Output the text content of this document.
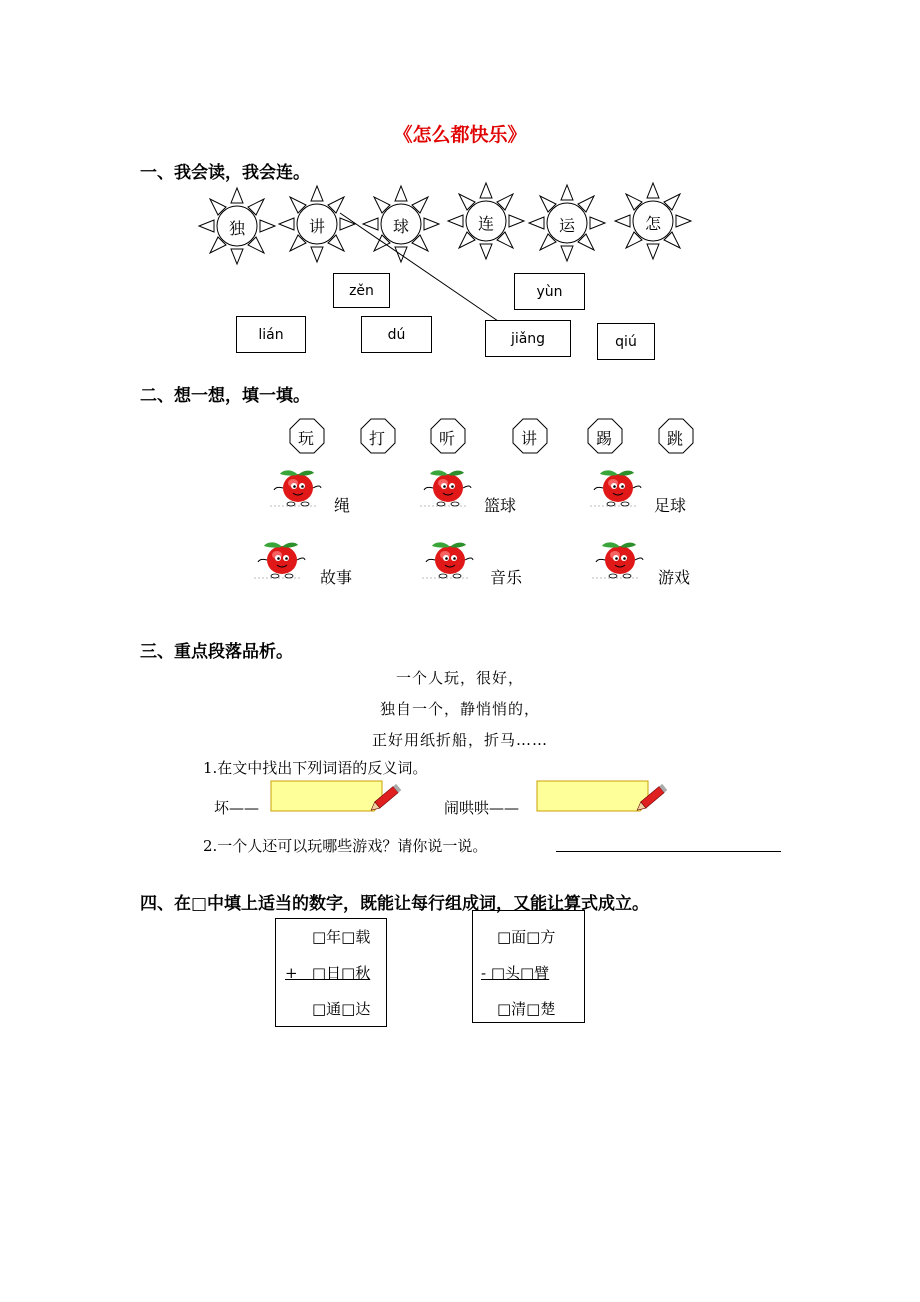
《怎么都快乐》
一、我会读，我会连。
独	讲	球	连	运	怎
zěn	yùn
lián	dú	jiǎng	qiú
二、想一想，填一填。
玩	打	听	讲	踢	跳
绳	篮球	足球
故事	音乐	游戏
三、重点段落品析。
一个人玩，很好，
独自一个，静悄悄的，
正好用纸折船，折马……
1.在文中找出下列词语的反义词。
坏——	闹哄哄——
2.一个人还可以玩哪些游戏？请你说一说。
四、在□中填上适当的数字，既能让每行组成词，又能让算式成立。
□年□载
+   □日□秋
□通□达
□面□方
- □头□臂
□清□楚
